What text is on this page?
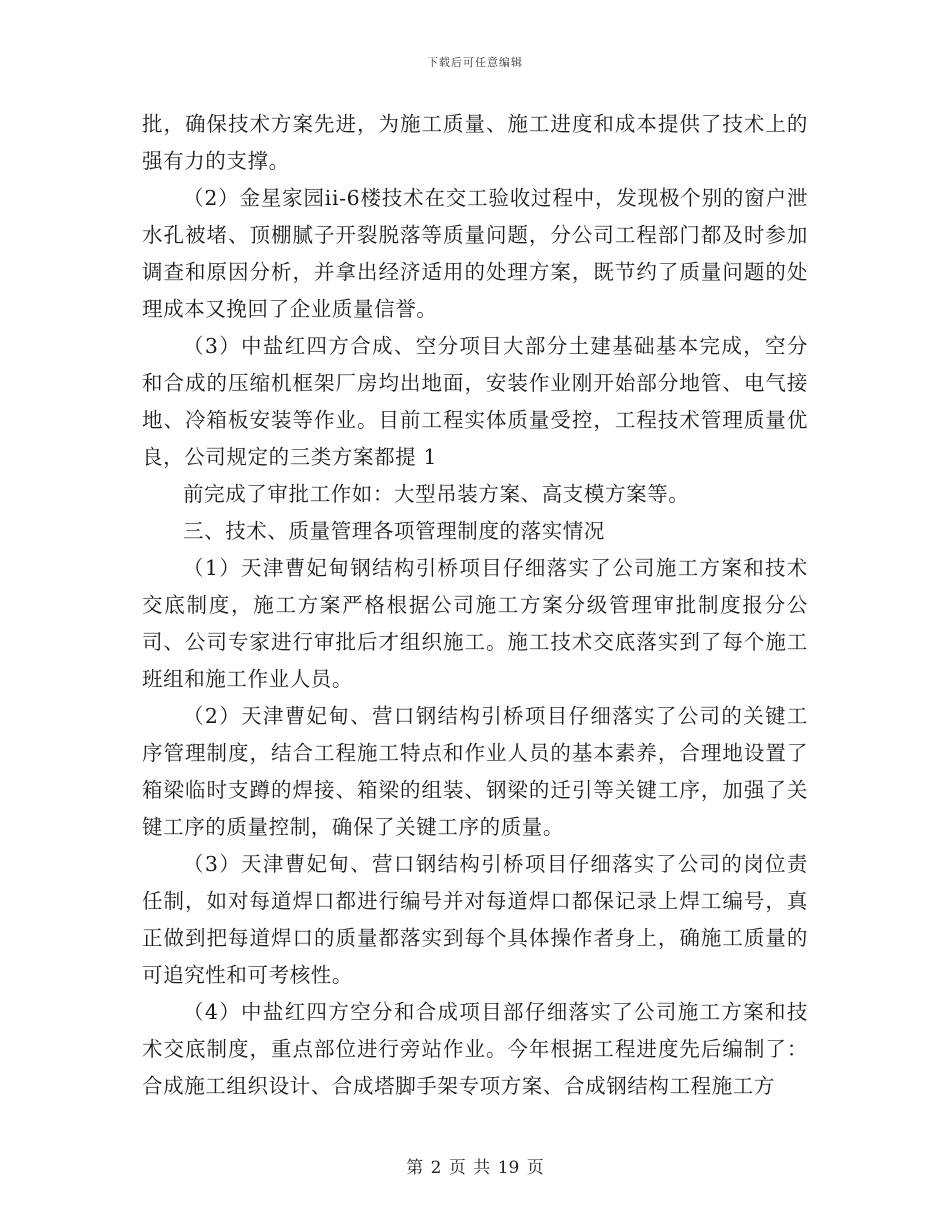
下载后可任意编辑

批，确保技术方案先进，为施工质量、施工进度和成本提供了技术上的强有力的支撑。

（2）金星家园ii-6楼技术在交工验收过程中，发现极个别的窗户泄水孔被堵、顶棚腻子开裂脱落等质量问题，分公司工程部门都及时参加调查和原因分析，并拿出经济适用的处理方案，既节约了质量问题的处理成本又挽回了企业质量信誉。

（3）中盐红四方合成、空分项目大部分土建基础基本完成，空分和合成的压缩机框架厂房均出地面，安装作业刚开始部分地管、电气接地、冷箱板安装等作业。目前工程实体质量受控，工程技术管理质量优良，公司规定的三类方案都提 1

前完成了审批工作如：大型吊装方案、高支模方案等。

三、技术、质量管理各项管理制度的落实情况

（1）天津曹妃甸钢结构引桥项目仔细落实了公司施工方案和技术交底制度，施工方案严格根据公司施工方案分级管理审批制度报分公司、公司专家进行审批后才组织施工。施工技术交底落实到了每个施工班组和施工作业人员。

（2）天津曹妃甸、营口钢结构引桥项目仔细落实了公司的关键工序管理制度，结合工程施工特点和作业人员的基本素养，合理地设置了箱梁临时支蹲的焊接、箱梁的组装、钢梁的迁引等关键工序，加强了关键工序的质量控制，确保了关键工序的质量。

（3）天津曹妃甸、营口钢结构引桥项目仔细落实了公司的岗位责任制，如对每道焊口都进行编号并对每道焊口都保记录上焊工编号，真正做到把每道焊口的质量都落实到每个具体操作者身上，确施工质量的可追究性和可考核性。

（4）中盐红四方空分和合成项目部仔细落实了公司施工方案和技术交底制度，重点部位进行旁站作业。今年根据工程进度先后编制了：合成施工组织设计、合成塔脚手架专项方案、合成钢结构工程施工方

第 2 页 共 19 页
